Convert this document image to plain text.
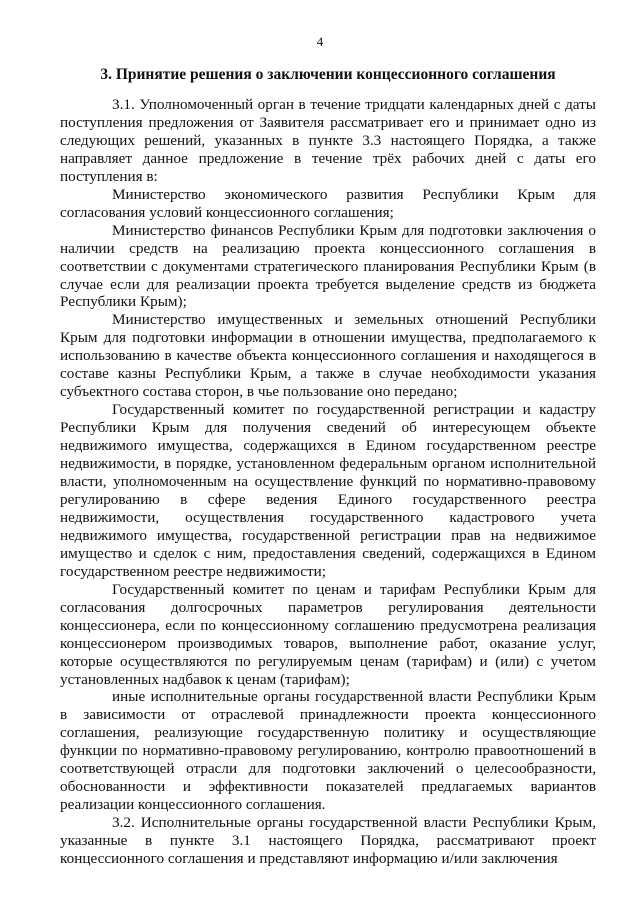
4
3. Принятие решения о заключении концессионного соглашения

3.1. Уполномоченный орган в течение тридцати календарных дней с даты поступления предложения от Заявителя рассматривает его и принимает одно из следующих решений, указанных в пункте 3.3 настоящего Порядка, а также направляет данное предложение в течение трёх рабочих дней с даты его поступления в:

Министерство экономического развития Республики Крым для согласования условий концессионного соглашения;

Министерство финансов Республики Крым для подготовки заключения о наличии средств на реализацию проекта концессионного соглашения в соответствии с документами стратегического планирования Республики Крым (в случае если для реализации проекта требуется выделение средств из бюджета Республики Крым);

Министерство имущественных и земельных отношений Республики Крым для подготовки информации в отношении имущества, предполагаемого к использованию в качестве объекта концессионного соглашения и находящегося в составе казны Республики Крым, а также в случае необходимости указания субъектного состава сторон, в чье пользование оно передано;

Государственный комитет по государственной регистрации и кадастру Республики Крым для получения сведений об интересующем объекте недвижимого имущества, содержащихся в Едином государственном реестре недвижимости, в порядке, установленном федеральным органом исполнительной власти, уполномоченным на осуществление функций по нормативно-правовому регулированию в сфере ведения Единого государственного реестра недвижимости, осуществления государственного кадастрового учета недвижимого имущества, государственной регистрации прав на недвижимое имущество и сделок с ним, предоставления сведений, содержащихся в Едином государственном реестре недвижимости;

Государственный комитет по ценам и тарифам Республики Крым для согласования долгосрочных параметров регулирования деятельности концессионера, если по концессионному соглашению предусмотрена реализация концессионером производимых товаров, выполнение работ, оказание услуг, которые осуществляются по регулируемым ценам (тарифам) и (или) с учетом установленных надбавок к ценам (тарифам);

иные исполнительные органы государственной власти Республики Крым в зависимости от отраслевой принадлежности проекта концессионного соглашения, реализующие государственную политику и осуществляющие функции по нормативно-правовому регулированию, контролю правоотношений в соответствующей отрасли для подготовки заключений о целесообразности, обоснованности и эффективности показателей предлагаемых вариантов реализации концессионного соглашения.

3.2. Исполнительные органы государственной власти Республики Крым, указанные в пункте 3.1 настоящего Порядка, рассматривают проект концессионного соглашения и представляют информацию и/или заключения
